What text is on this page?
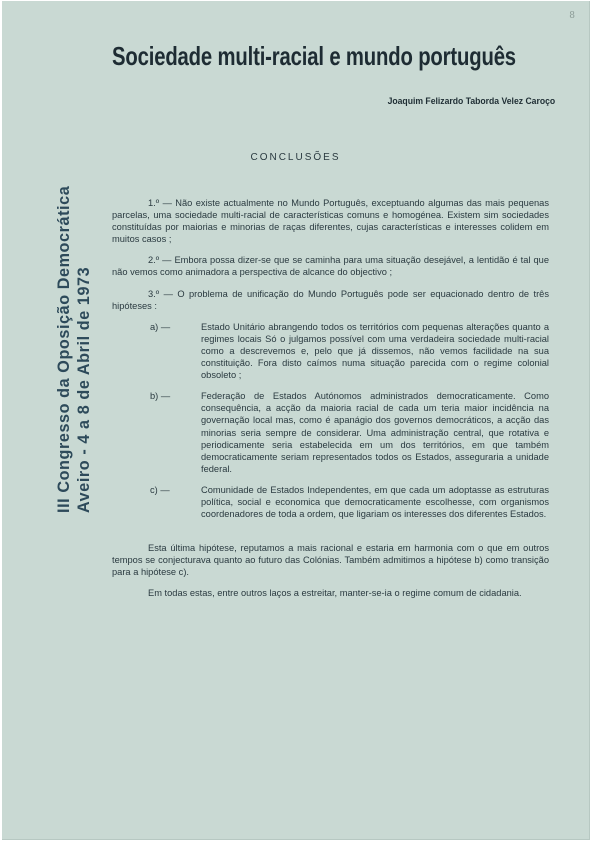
8
Sociedade multi-racial e mundo português
Joaquim Felizardo Taborda Velez Caroço
III Congresso da Oposição Democrática Aveiro - 4 a 8 de Abril de 1973
CONCLUSÕES

1.º — Não existe actualmente no Mundo Português, exceptuando algumas das mais pequenas parcelas, uma sociedade multi-racial de características comuns e homogénea. Existem sim sociedades constituídas por maiorias e minorias de raças diferentes, cujas características e interesses colidem em muitos casos ;

2.º — Embora possa dizer-se que se caminha para uma situação desejável, a lentidão é tal que não vemos como animadora a perspectiva de alcance do objectivo ;

3.º — O problema de unificação do Mundo Português pode ser equacionado dentro de três hipóteses :

a) —	Estado Unitário abrangendo todos os territórios com pequenas alterações quanto a regimes locais Só o julgamos possível com uma verdadeira sociedade multi-racial como a descrevemos e, pelo que já dissemos, não vemos facilidade na sua constituição. Fora disto caímos numa situação parecida com o regime colonial obsoleto ;
b) —	Federação de Estados Autónomos administrados democraticamente. Como consequência, a acção da maioria racial de cada um teria maior incidência na governação local mas, como é apanágio dos governos democráticos, a acção das minorias seria sempre de considerar. Uma administração central, que rotativa e periodicamente seria estabelecida em um dos territórios, em que também democraticamente seriam representados todos os Estados, asseguraria a unidade federal.
c) —	Comunidade de Estados Independentes, em que cada um adoptasse as estruturas política, social e economica que democraticamente escolhesse, com organismos coordenadores de toda a ordem, que ligariam os interesses dos diferentes Estados.

Esta última hipótese, reputamos a mais racional e estaria em harmonia com o que em outros tempos se conjecturava quanto ao futuro das Colónias. Também admitimos a hipótese b) como transição para a hipótese c).

Em todas estas, entre outros laços a estreitar, manter-se-ia o regime comum de cidadania.
